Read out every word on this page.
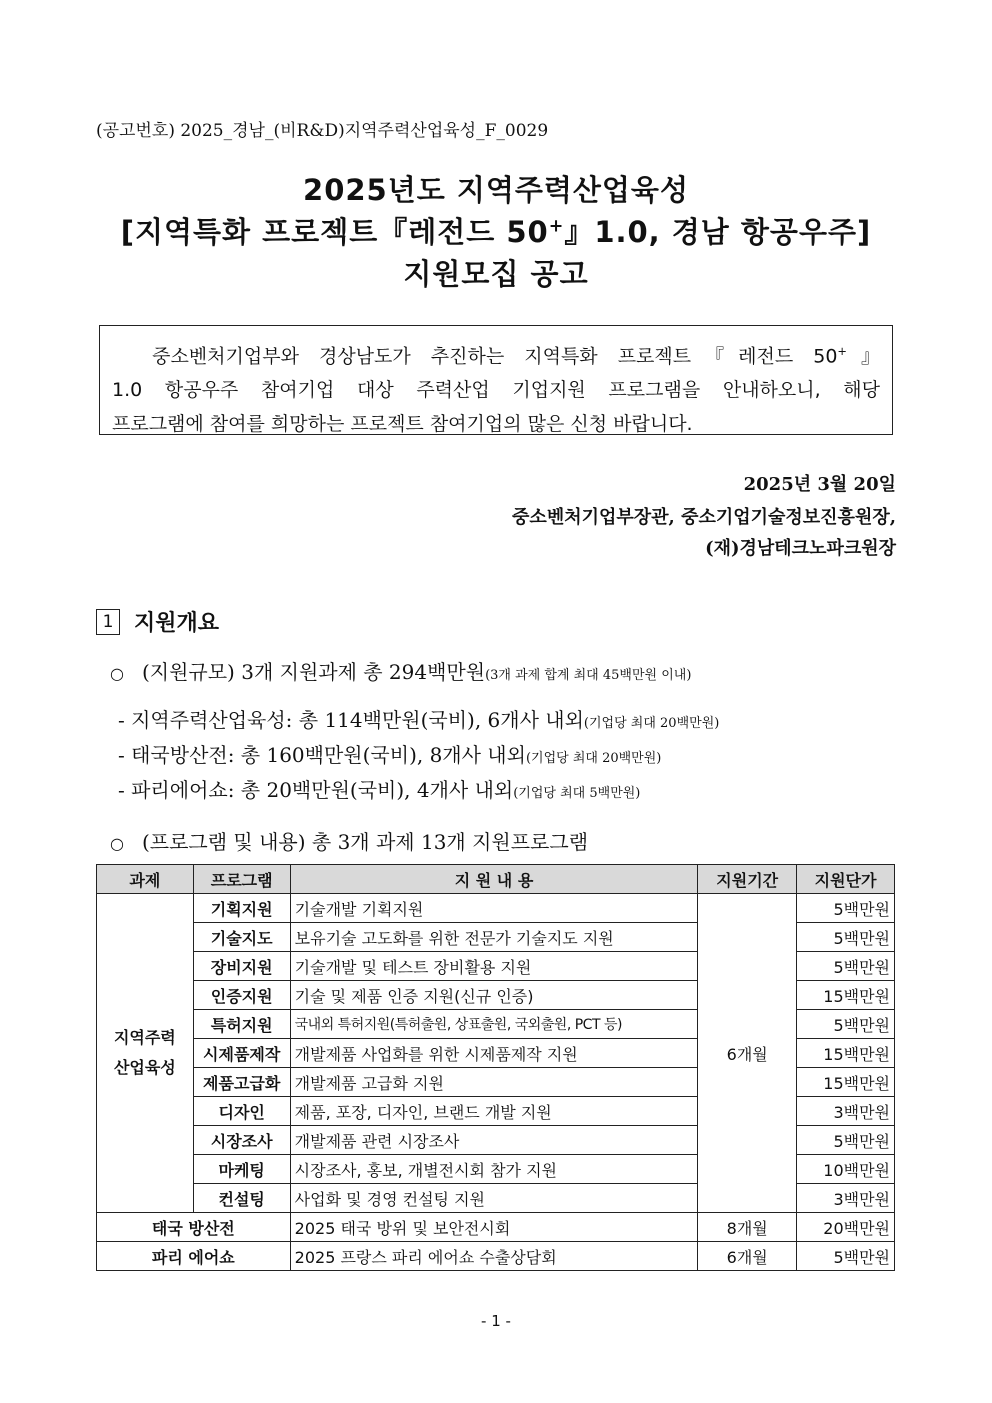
(공고번호) 2025_경남_(비R&D)지역주력산업육성_F_0029
2025년도 지역주력산업육성
[지역특화 프로젝트『레전드 50+』1.0, 경남 항공우주]
지원모집 공고
중소벤처기업부와 경상남도가 추진하는 지역특화 프로젝트『레전드 50+』
1.0 항공우주 참여기업 대상 주력산업 기업지원 프로그램을 안내하오니, 해당
프로그램에 참여를 희망하는 프로젝트 참여기업의 많은 신청 바랍니다.
2025년 3월 20일
중소벤처기업부장관, 중소기업기술정보진흥원장,
(재)경남테크노파크원장
1 지원개요
○ (지원규모) 3개 지원과제 총 294백만원(3개 과제 합계 최대 45백만원 이내)
- 지역주력산업육성: 총 114백만원(국비), 6개사 내외(기업당 최대 20백만원)
- 태국방산전: 총 160백만원(국비), 8개사 내외(기업당 최대 20백만원)
- 파리에어쇼: 총 20백만원(국비), 4개사 내외(기업당 최대 5백만원)
○ (프로그램 및 내용) 총 3개 과제 13개 지원프로그램
과제	프로그램	지 원 내 용	지원기간	지원단가
지역주력
산업육성	기획지원	기술개발 기획지원	6개월	5백만원
	기술지도	보유기술 고도화를 위한 전문가 기술지도 지원		5백만원
	장비지원	기술개발 및 테스트 장비활용 지원		5백만원
	인증지원	기술 및 제품 인증 지원(신규 인증)		15백만원
	특허지원	국내외 특허지원(특허출원, 상표출원, 국외출원, PCT 등)		5백만원
	시제품제작	개발제품 사업화를 위한 시제품제작 지원		15백만원
	제품고급화	개발제품 고급화 지원		15백만원
	디자인	제품, 포장, 디자인, 브랜드 개발 지원		3백만원
	시장조사	개발제품 관련 시장조사		5백만원
	마케팅	시장조사, 홍보, 개별전시회 참가 지원		10백만원
	컨설팅	사업화 및 경영 컨설팅 지원		3백만원
태국 방산전		2025 태국 방위 및 보안전시회	8개월	20백만원
파리 에어쇼		2025 프랑스 파리 에어쇼 수출상담회	6개월	5백만원
- 1 -
